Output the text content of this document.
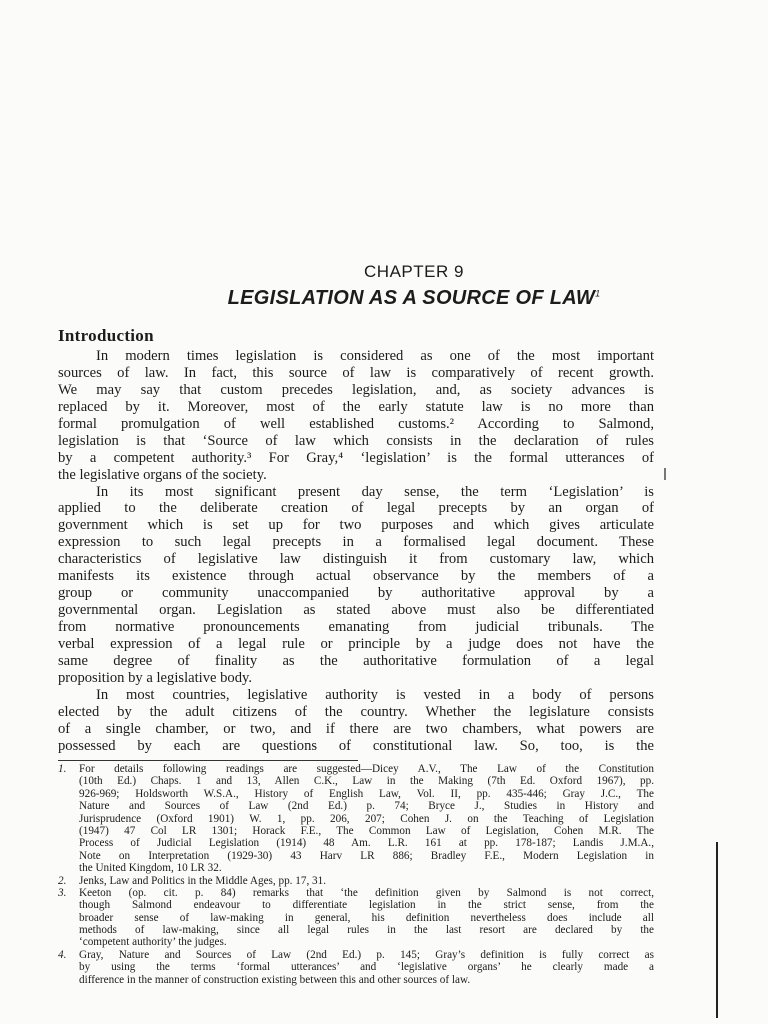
CHAPTER 9
LEGISLATION AS A SOURCE OF LAW$^1$
Introduction
In modern times legislation is considered as one of the most important
sources of law. In fact, this source of law is comparatively of recent growth.
We may say that custom precedes legislation, and, as society advances is
replaced by it. Moreover, most of the early statute law is no more than
formal promulgation of well established customs.² According to Salmond,
legislation is that ‘Source of law which consists in the declaration of rules
by a competent authority.³ For Gray,⁴ ‘legislation’ is the formal utterances of
the legislative organs of the society.
In its most significant present day sense, the term ‘Legislation’ is
applied to the deliberate creation of legal precepts by an organ of
government which is set up for two purposes and which gives articulate
expression to such legal precepts in a formalised legal document. These
characteristics of legislative law distinguish it from customary law, which
manifests its existence through actual observance by the members of a
group or community unaccompanied by authoritative approval by a
governmental organ. Legislation as stated above must also be differentiated
from normative pronouncements emanating from judicial tribunals. The
verbal expression of a legal rule or principle by a judge does not have the
same degree of finality as the authoritative formulation of a legal
proposition by a legislative body.
In most countries, legislative authority is vested in a body of persons
elected by the adult citizens of the country. Whether the legislature consists
of a single chamber, or two, and if there are two chambers, what powers are
possessed by each are questions of constitutional law. So, too, is the
1. For details following readings are suggested—Dicey A.V., The Law of the Constitution
(10th Ed.) Chaps. 1 and 13, Allen C.K., Law in the Making (7th Ed. Oxford 1967), pp.
926-969; Holdsworth W.S.A., History of English Law, Vol. II, pp. 435-446; Gray J.C., The
Nature and Sources of Law (2nd Ed.) p. 74; Bryce J., Studies in History and
Jurisprudence (Oxford 1901) W. 1, pp. 206, 207; Cohen J. on the Teaching of Legislation
(1947) 47 Col LR 1301; Horack F.E., The Common Law of Legislation, Cohen M.R. The
Process of Judicial Legislation (1914) 48 Am. L.R. 161 at pp. 178-187; Landis J.M.A.,
Note on Interpretation (1929-30) 43 Harv LR 886; Bradley F.E., Modern Legislation in
the United Kingdom, 10 LR 32.
2. Jenks, Law and Politics in the Middle Ages, pp. 17, 31.
3. Keeton (op. cit. p. 84) remarks that ‘the definition given by Salmond is not correct,
though Salmond endeavour to differentiate legislation in the strict sense, from the
broader sense of law-making in general, his definition nevertheless does include all
methods of law-making, since all legal rules in the last resort are declared by the
‘competent authority’ the judges.
4. Gray, Nature and Sources of Law (2nd Ed.) p. 145; Gray’s definition is fully correct as
by using the terms ‘formal utterances’ and ‘legislative organs’ he clearly made a
difference in the manner of construction existing between this and other sources of law.
